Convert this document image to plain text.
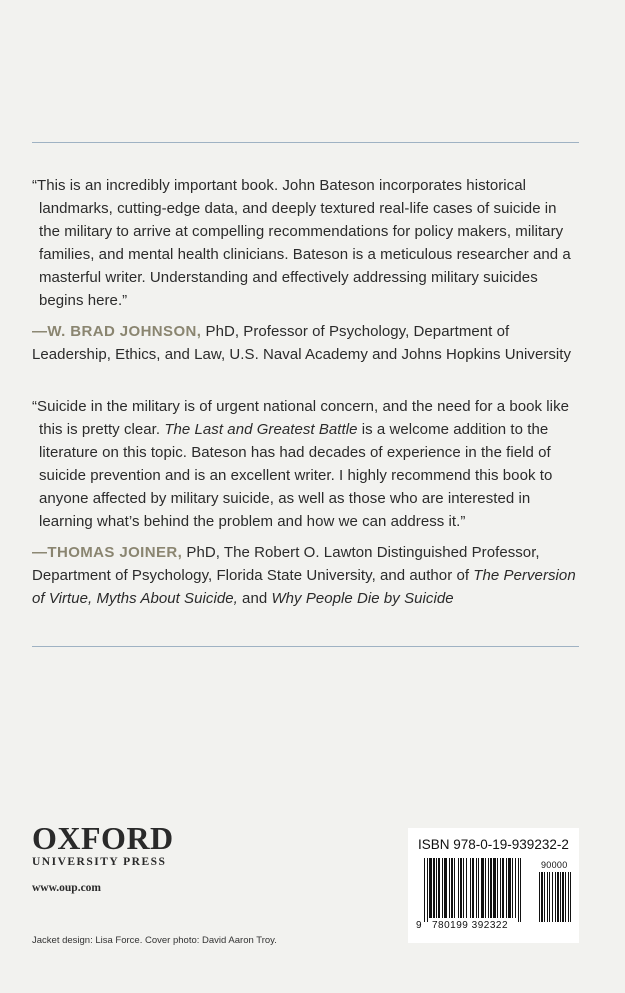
“This is an incredibly important book. John Bateson incorporates historical landmarks, cutting-edge data, and deeply textured real-life cases of suicide in the military to arrive at compelling recommendations for policy makers, military families, and mental health clinicians. Bateson is a meticulous researcher and a masterful writer. Understanding and effectively addressing military suicides begins here.”

—W. BRAD JOHNSON, PhD, Professor of Psychology, Department of Leadership, Ethics, and Law, U.S. Naval Academy and Johns Hopkins University

“Suicide in the military is of urgent national concern, and the need for a book like this is pretty clear. The Last and Greatest Battle is a welcome addition to the literature on this topic. Bateson has had decades of experience in the field of suicide prevention and is an excellent writer. I highly recommend this book to anyone affected by military suicide, as well as those who are interested in learning what’s behind the problem and how we can address it.”

—THOMAS JOINER, PhD, The Robert O. Lawton Distinguished Professor, Department of Psychology, Florida State University, and author of The Perversion of Virtue, Myths About Suicide, and Why People Die by Suicide

OXFORD
UNIVERSITY PRESS
www.oup.com
Jacket design: Lisa Force. Cover photo: David Aaron Troy.
ISBN 978-0-19-939232-2
9 780199 392322
90000
